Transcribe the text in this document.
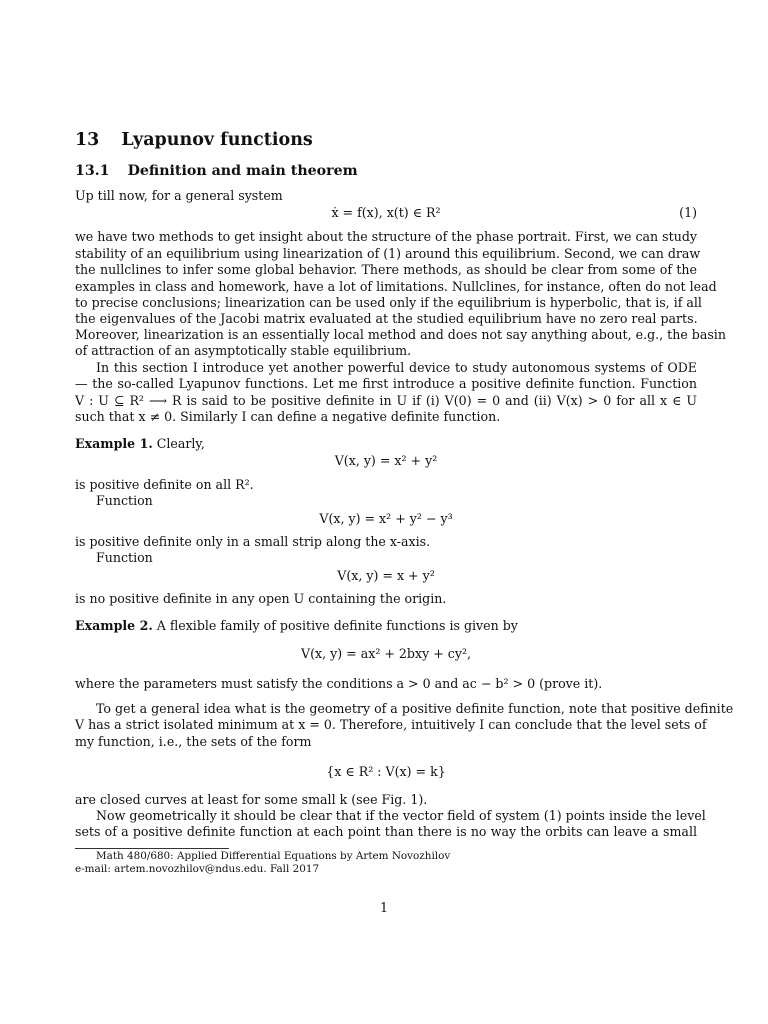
13 Lyapunov functions
13.1 Definition and main theorem
Up till now, for a general system
ẋ = f(x), x(t) ∈ R²	(1)
we have two methods to get insight about the structure of the phase portrait. First, we can study
stability of an equilibrium using linearization of (1) around this equilibrium. Second, we can draw
the nullclines to infer some global behavior. There methods, as should be clear from some of the
examples in class and homework, have a lot of limitations. Nullclines, for instance, often do not lead
to precise conclusions; linearization can be used only if the equilibrium is hyperbolic, that is, if all
the eigenvalues of the Jacobi matrix evaluated at the studied equilibrium have no zero real parts.
Moreover, linearization is an essentially local method and does not say anything about, e.g., the basin
of attraction of an asymptotically stable equilibrium.
In this section I introduce yet another powerful device to study autonomous systems of ODE
— the so-called Lyapunov functions. Let me first introduce a positive definite function. Function
V : U ⊆ R² ⟶ R is said to be positive definite in U if (i) V(0) = 0 and (ii) V(x) > 0 for all x ∈ U
such that x ≠ 0. Similarly I can define a negative definite function.
Example 1. Clearly,
V(x, y) = x² + y²
is positive definite on all R².
Function
V(x, y) = x² + y² − y³
is positive definite only in a small strip along the x-axis.
Function
V(x, y) = x + y²
is no positive definite in any open U containing the origin.
Example 2. A flexible family of positive definite functions is given by
V(x, y) = ax² + 2bxy + cy²,
where the parameters must satisfy the conditions a > 0 and ac − b² > 0 (prove it).
To get a general idea what is the geometry of a positive definite function, note that positive definite
V has a strict isolated minimum at x = 0. Therefore, intuitively I can conclude that the level sets of
my function, i.e., the sets of the form
{x ∈ R² : V(x) = k}
are closed curves at least for some small k (see Fig. 1).
Now geometrically it should be clear that if the vector field of system (1) points inside the level
sets of a positive definite function at each point than there is no way the orbits can leave a small
Math 480/680: Applied Differential Equations by Artem Novozhilov
e-mail: artem.novozhilov@ndus.edu. Fall 2017
1
